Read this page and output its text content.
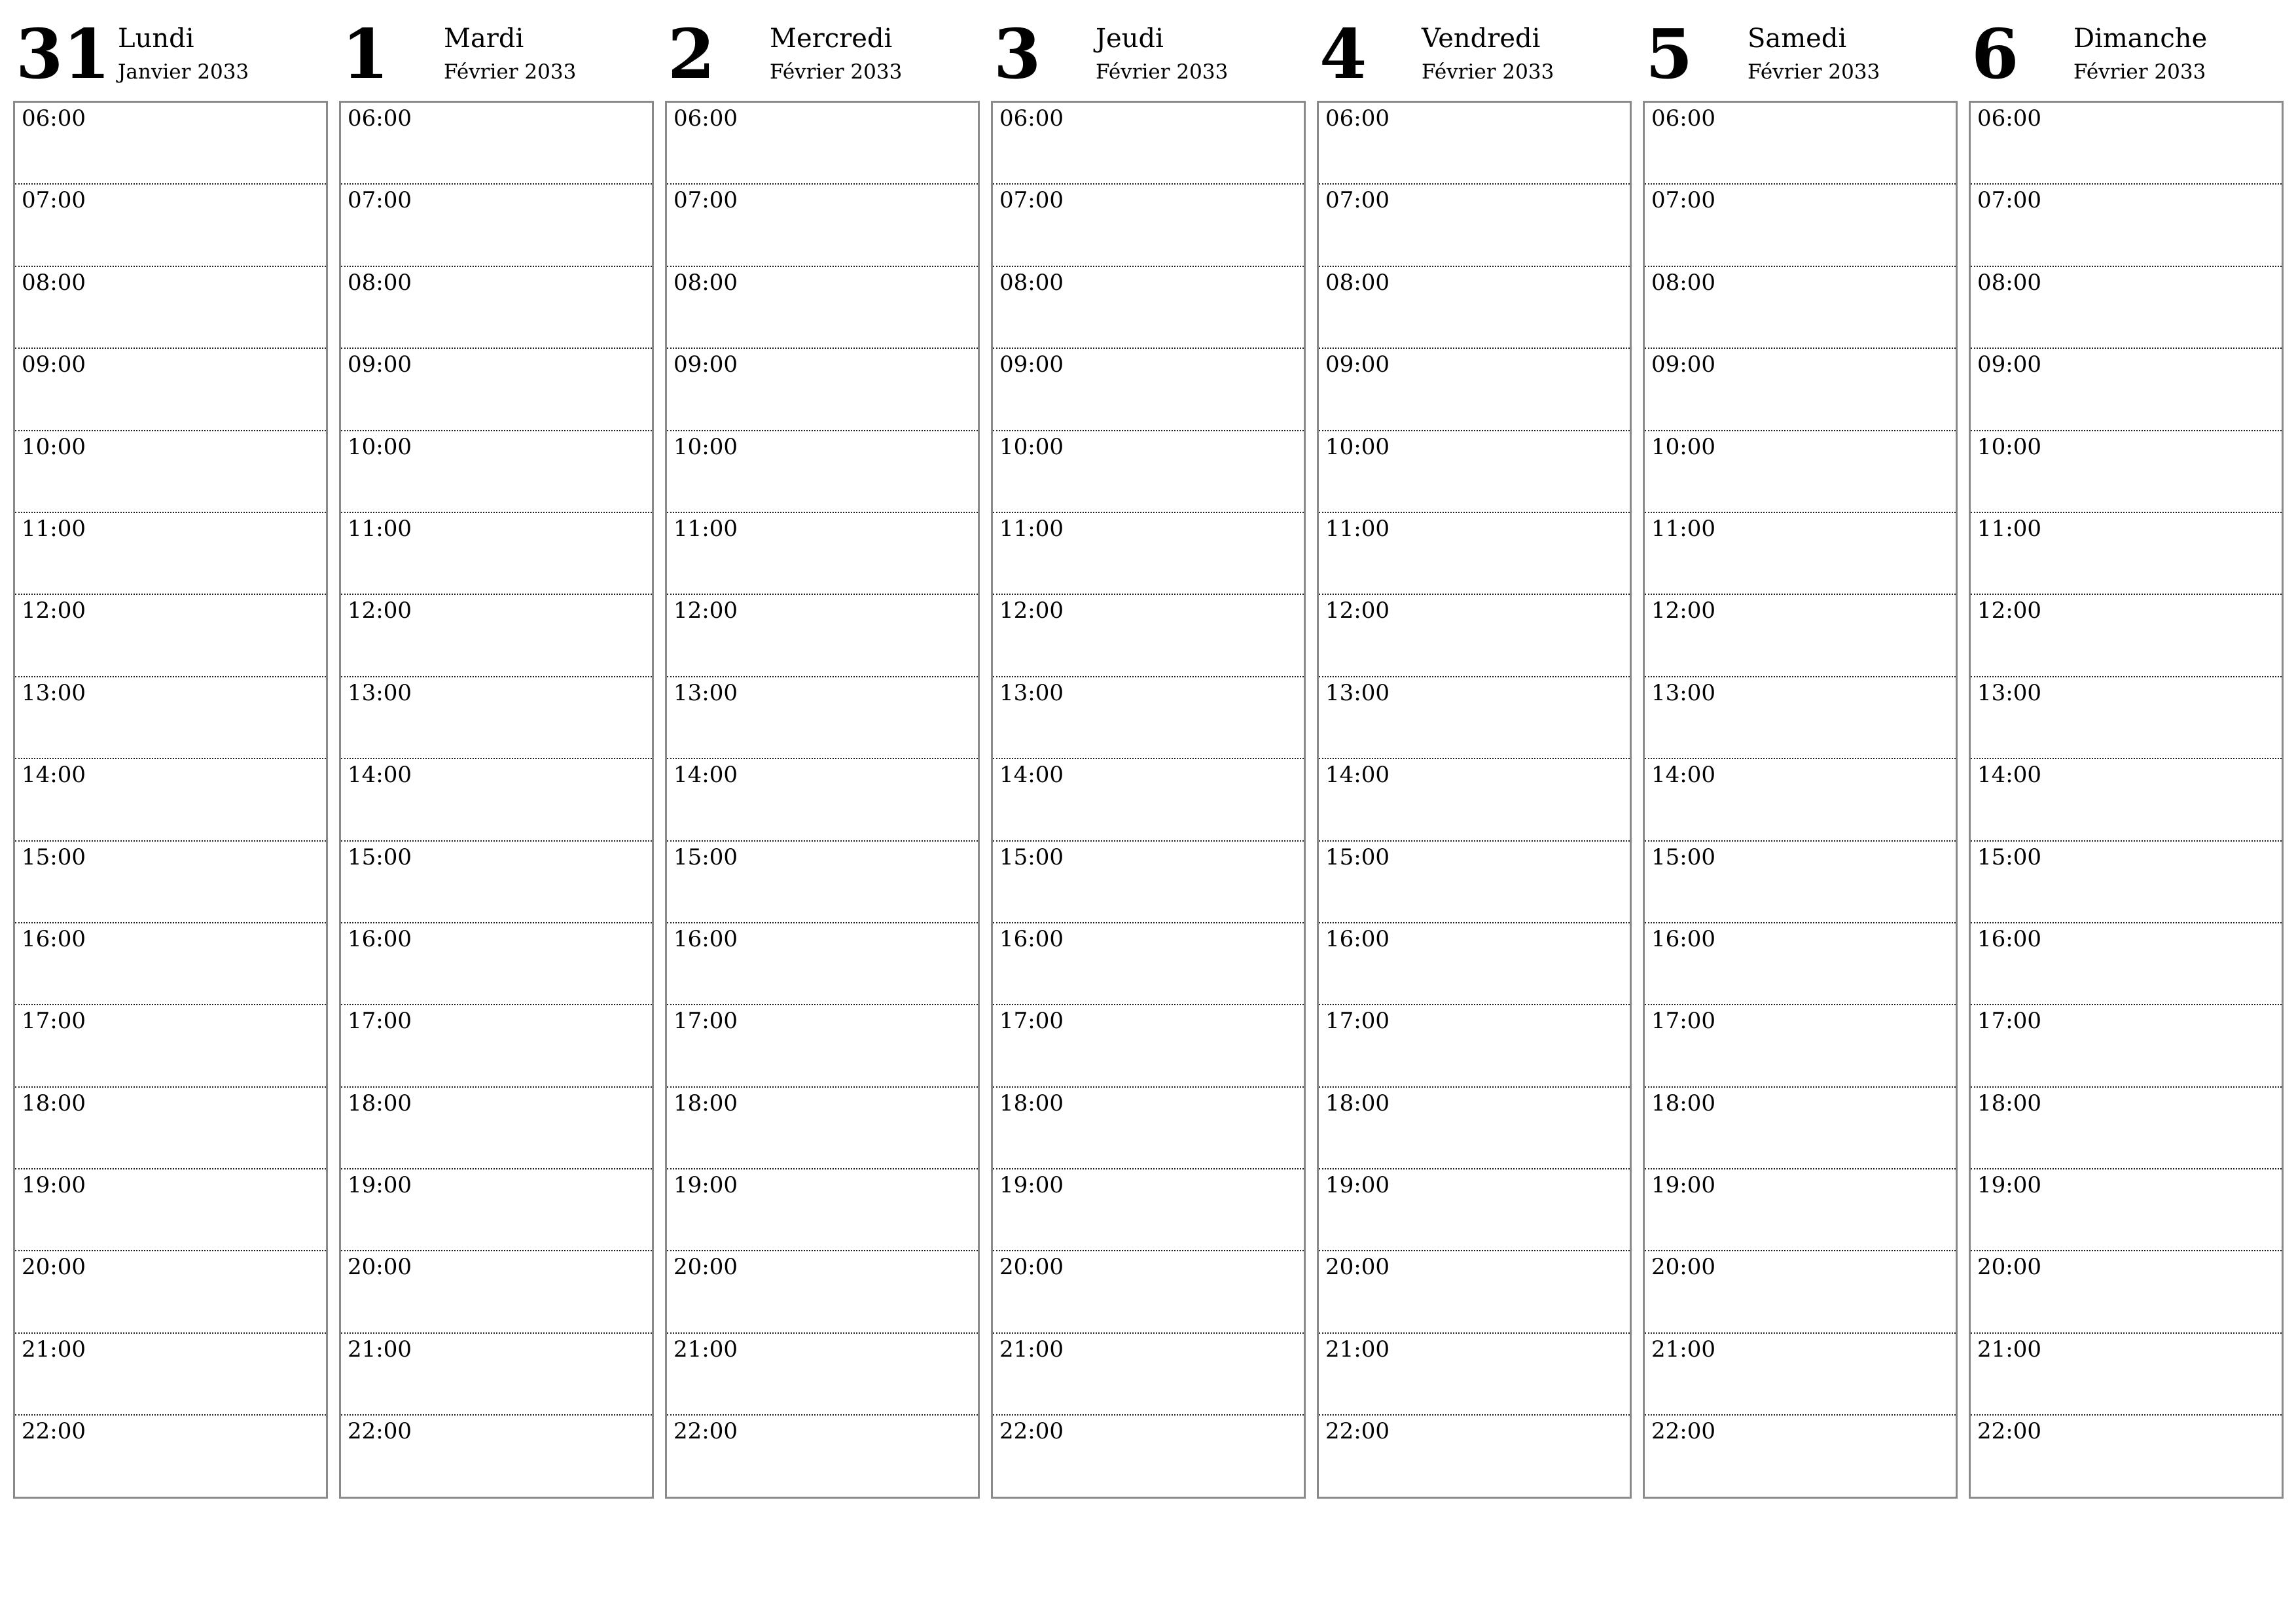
31 Lundi
Janvier 2033
06:00
07:00
08:00
09:00
10:00
11:00
12:00
13:00
14:00
15:00
16:00
17:00
18:00
19:00
20:00
21:00
22:00
1 Mardi
Février 2033
06:00
07:00
08:00
09:00
10:00
11:00
12:00
13:00
14:00
15:00
16:00
17:00
18:00
19:00
20:00
21:00
22:00
2 Mercredi
Février 2033
06:00
07:00
08:00
09:00
10:00
11:00
12:00
13:00
14:00
15:00
16:00
17:00
18:00
19:00
20:00
21:00
22:00
3 Jeudi
Février 2033
06:00
07:00
08:00
09:00
10:00
11:00
12:00
13:00
14:00
15:00
16:00
17:00
18:00
19:00
20:00
21:00
22:00
4 Vendredi
Février 2033
06:00
07:00
08:00
09:00
10:00
11:00
12:00
13:00
14:00
15:00
16:00
17:00
18:00
19:00
20:00
21:00
22:00
5 Samedi
Février 2033
06:00
07:00
08:00
09:00
10:00
11:00
12:00
13:00
14:00
15:00
16:00
17:00
18:00
19:00
20:00
21:00
22:00
6 Dimanche
Février 2033
06:00
07:00
08:00
09:00
10:00
11:00
12:00
13:00
14:00
15:00
16:00
17:00
18:00
19:00
20:00
21:00
22:00
